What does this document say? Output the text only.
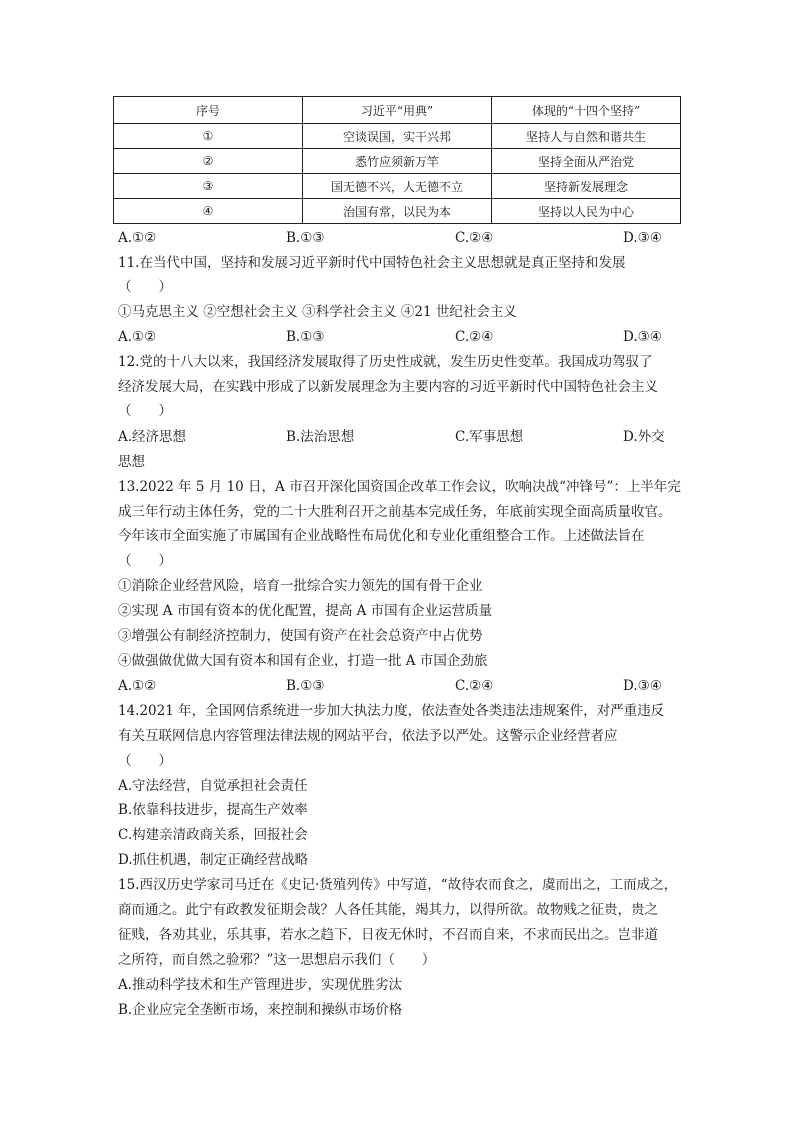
序号	习近平“用典”	体现的“十四个坚持”
①	空谈误国，实干兴邦	坚持人与自然和谐共生
②	悉竹应须新万竿	坚持全面从严治党
③	国无德不兴，人无德不立	坚持新发展理念
④	治国有常，以民为本	坚持以人民为中心
A.①②	B.①③	C.②④	D.③④
11.在当代中国，坚持和发展习近平新时代中国特色社会主义思想就是真正坚持和发展
（　　）
①马克思主义 ②空想社会主义 ③科学社会主义 ④21 世纪社会主义
A.①②	B.①③	C.②④	D.③④
12.党的十八大以来，我国经济发展取得了历史性成就，发生历史性变革。我国成功驾驭了
经济发展大局，在实践中形成了以新发展理念为主要内容的习近平新时代中国特色社会主义
（　　）
A.经济思想	B.法治思想	C.军事思想	D.外交
思想
13.2022 年 5 月 10 日，A 市召开深化国资国企改革工作会议，吹响决战“冲锋号”：上半年完
成三年行动主体任务，党的二十大胜利召开之前基本完成任务，年底前实现全面高质量收官。
今年该市全面实施了市属国有企业战略性布局优化和专业化重组整合工作。上述做法旨在
（　　）
①消除企业经营风险，培育一批综合实力领先的国有骨干企业
②实现 A 市国有资本的优化配置，提高 A 市国有企业运营质量
③增强公有制经济控制力，使国有资产在社会总资产中占优势
④做强做优做大国有资本和国有企业，打造一批 A 市国企劲旅
A.①②	B.①③	C.②④	D.③④
14.2021 年，全国网信系统进一步加大执法力度，依法查处各类违法违规案件，对严重违反
有关互联网信息内容管理法律法规的网站平台，依法予以严处。这警示企业经营者应
（　　）
A.守法经营，自觉承担社会责任
B.依靠科技进步，提高生产效率
C.构建亲清政商关系，回报社会
D.抓住机遇，制定正确经营战略
15.西汉历史学家司马迁在《史记·货殖列传》中写道，“故待农而食之，虞而出之，工而成之，
商而通之。此宁有政教发征期会哉？人各任其能，竭其力，以得所欲。故物贱之征贵，贵之
征贱，各劝其业，乐其事，若水之趋下，日夜无休时，不召而自来，不求而民出之。岂非道
之所符，而自然之验邪？”这一思想启示我们（　　）
A.推动科学技术和生产管理进步，实现优胜劣汰
B.企业应完全垄断市场，来控制和操纵市场价格
